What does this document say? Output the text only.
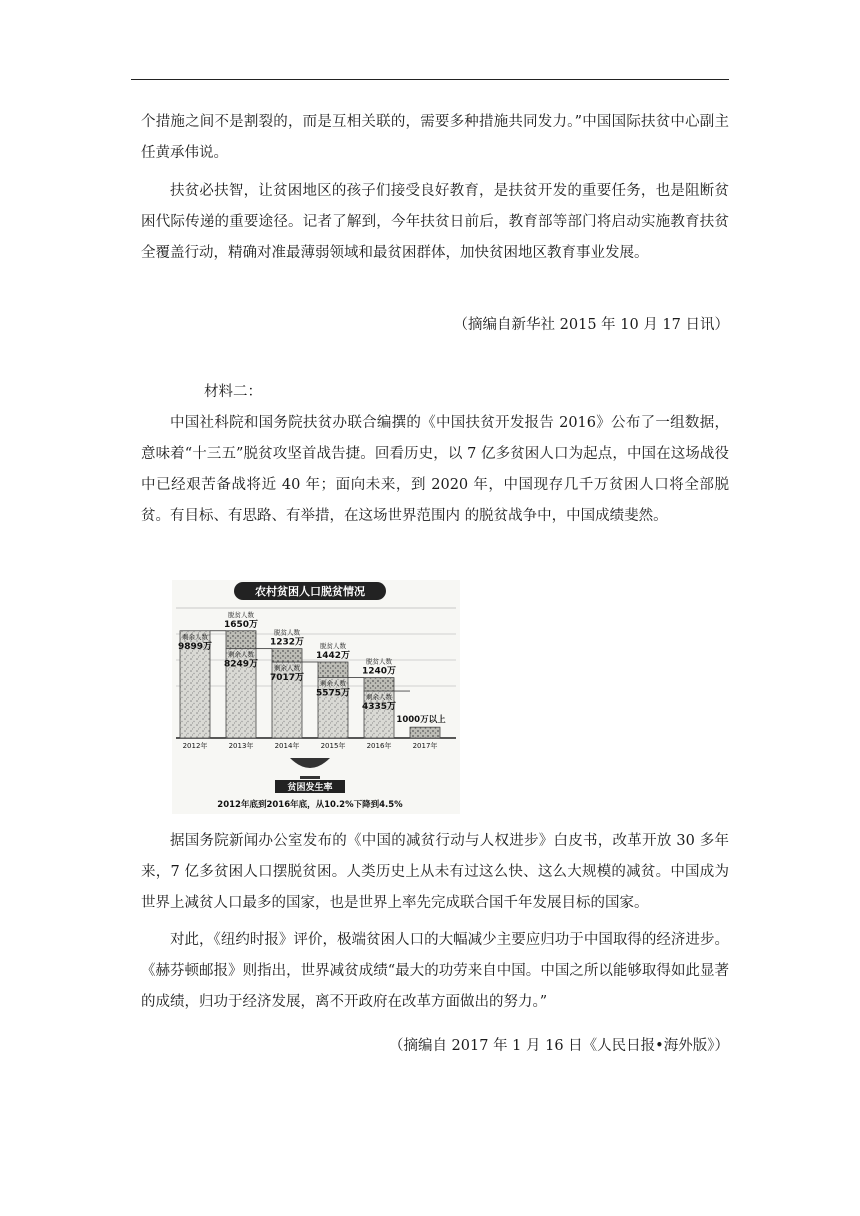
个措施之间不是割裂的，而是互相关联的，需要多种措施共同发力。”中国国际扶贫中心副主任黄承伟说。

扶贫必扶智，让贫困地区的孩子们接受良好教育，是扶贫开发的重要任务，也是阻断贫困代际传递的重要途径。记者了解到，今年扶贫日前后，教育部等部门将启动实施教育扶贫全覆盖行动，精确对准最薄弱领域和最贫困群体，加快贫困地区教育事业发展。

（摘编自新华社 2015 年 10 月 17 日讯）

材料二：

中国社科院和国务院扶贫办联合编撰的《中国扶贫开发报告 2016》公布了一组数据，意味着“十三五”脱贫攻坚首战告捷。回看历史，以 7 亿多贫困人口为起点，中国在这场战役中已经艰苦备战将近 40 年；面向未来，到 2020 年，中国现存几千万贫困人口将全部脱贫。有目标、有思路、有举措，在这场世界范围内 的脱贫战争中，中国成绩斐然。

农村贫困人口脱贫情况
剩余人数
9899万
2012年
剩余人数
8249万
脱贫人数
1650万
2013年
剩余人数
7017万
脱贫人数
1232万
2014年
剩余人数
5575万
脱贫人数
1442万
2015年
剩余人数
4335万
脱贫人数
1240万
2016年
1000万以上
2017年
贫困发生率
2012年底到2016年底，从10.2%下降到4.5%

据国务院新闻办公室发布的《中国的减贫行动与人权进步》白皮书，改革开放 30 多年来，7 亿多贫困人口摆脱贫困。人类历史上从未有过这么快、这么大规模的减贫。中国成为世界上减贫人口最多的国家，也是世界上率先完成联合国千年发展目标的国家。

对此，《纽约时报》评价，极端贫困人口的大幅减少主要应归功于中国取得的经济进步。《赫芬顿邮报》则指出，世界减贫成绩“最大的功劳来自中国。中国之所以能够取得如此显著的成绩，归功于经济发展，离不开政府在改革方面做出的努力。”

（摘编自 2017 年 1 月 16 日《人民日报•海外版》）
